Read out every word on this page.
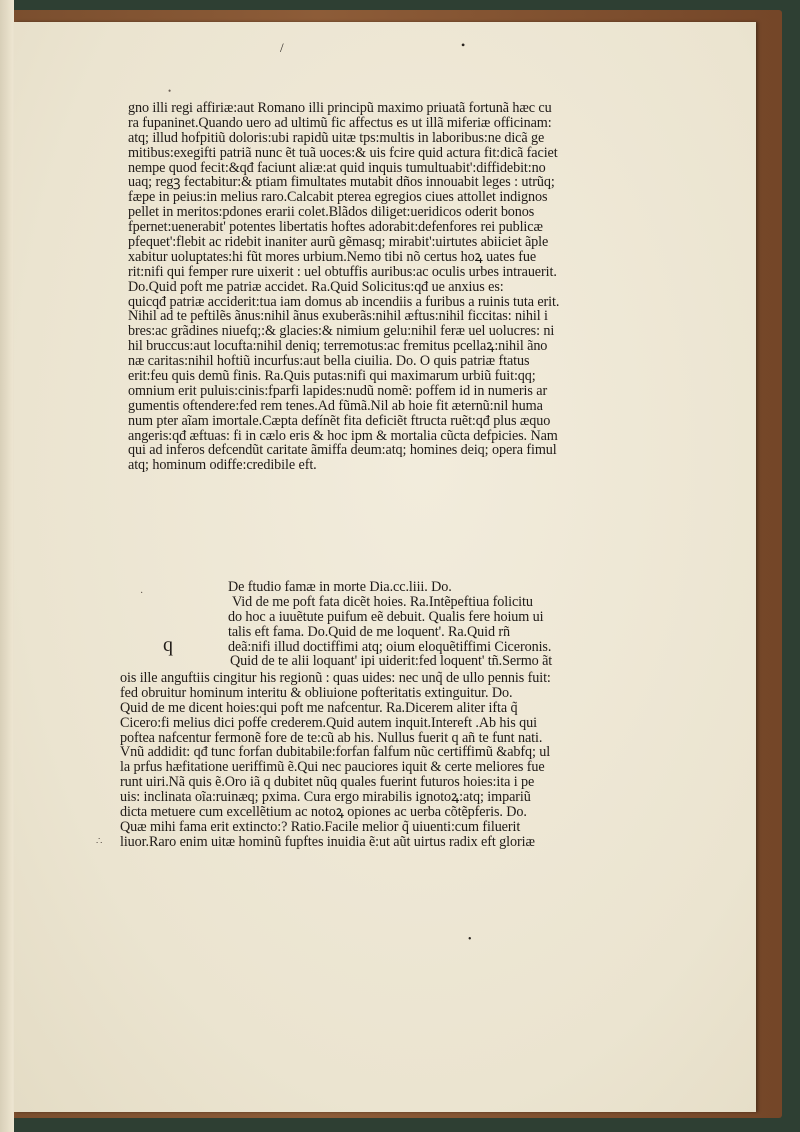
/	•
•
·
∴
•
gno illi regi affiriæ:aut Romano illi principũ maximo priuatã fortunã hæc cu
ra fupaninet.Quando uero ad ultimũ fic affectus es ut illã miferiæ officinam:
atq; illud hofpitiũ doloris:ubi rapidũ uitæ tps:multis in laboribus:ne dicã ge
mitibus:exegifti patriã nunc ẽt tuã uoces:& uis fcire quid actura fit:dicã faciet
nempe quod fecit:&qđ faciunt aliæ:at quid inquis tumultuabit':diffidebit:no
uaq; regꝫ fectabitur:& ptiam fimultates mutabit dños innouabit leges : utrũq;
fæpe in peius:in melius raro.Calcabit pterea egregios ciues attollet indignos
pellet in meritos:pdones erarii colet.Blãdos diliget:ueridicos oderit bonos
fpernet:uenerabit' potentes libertatis hoftes adorabit:defenfores rei publicæ
pfequet':flebit ac ridebit inaniter aurũ gẽmasq; mirabit':uirtutes abiiciet ãple
xabitur uoluptates:hi fũt mores urbium.Nemo tibi nõ certus hoꝝ uates fue
rit:nifi qui femper rure uixerit : uel obtuffis auribus:ac oculis urbes intrauerit.
Do.Quid poft me patriæ accidet. Ra.Quid Solicitus:qđ ue anxius es:
quicqđ patriæ acciderit:tua iam domus ab incendiis a furibus a ruinis tuta erit.
Nihil ad te peftilẽs ãnus:nihil ãnus exuberãs:nihil æftus:nihil ficcitas: nihil i
bres:ac grãdines niuefq;:& glacies:& nimium gelu:nihil feræ uel uolucres: ni
hil bruccus:aut locufta:nihil deniq; terremotus:ac fremitus pcellaꝝ:nihil ãno
næ caritas:nihil hoftiũ incurfus:aut bella ciuilia. Do. O quis patriæ ftatus
erit:feu quis demũ finis. Ra.Quis putas:nifi qui maximarum urbiũ fuit:qq;
omnium erit puluis:cinis:fparfi lapides:nudũ nomẽ: poffem id in numeris ar
gumentis oftendere:fed rem tenes.Ad fũmã.Nil ab hoie fit æternũ:nil huma
num pter aĩam imortale.Cæpta defínẽt fita deficiẽt ftructa ruẽt:qđ plus æquo
angeris:qđ æftuas: fi in cælo eris & hoc ipm & mortalia cũcta defpicies. Nam
qui ad inferos defcendũt caritate ãmiffa deum:atq; homines deiq; opera fimul
atq; hominum odiffe:credibile eft.
De ftudio famæ in morte Dia.cc.liii. Do.
Vid de me poft fata dicẽt hoies. Ra.Intẽpeftiua folicitu
do hoc a iuuẽtute puifum eẽ debuit. Qualis fere hoium ui
talis eft fama. Do.Quid de me loquent'. Ra.Quid rñ
deã:nifi illud doctiffimi atq; oium eloquẽtiffimi Ciceronis.
Quid de te alii loquant' ipi uiderit:fed loquent' tñ.Sermo ãt
q
ois ille anguftiis cingitur his regionũ : quas uides: nec unq̃ de ullo pennis fuit:
fed obruitur hominum interitu & obliuione pofteritatis extinguitur. Do.
Quid de me dicent hoies:qui poft me nafcentur. Ra.Dicerem aliter ifta q̃
Cicero:fi melius dici poffe crederem.Quid autem inquit.Intereft .Ab his qui
poftea nafcentur fermonẽ fore de te:cũ ab his. Nullus fuerit q añ te funt nati.
Vnũ addidit: qđ tunc forfan dubitabile:forfan falfum nũc certiffimũ &abfq; ul
la prfus hæfitatione ueriffimũ ẽ.Qui nec pauciores iquit & certe meliores fue
runt uiri.Nã quis ẽ.Oro iã q dubitet nũq quales fuerint futuros hoies:ita i pe
uis: inclinata oĩa:ruinæq; pxima. Cura ergo mirabilis ignotoꝝ:atq; impariũ
dicta metuere cum excellẽtium ac notoꝝ opiones ac uerba cõtẽpferis. Do.
Quæ mihi fama erit extincto:? Ratio.Facile melior q̃ uiuenti:cum filuerit
liuor.Raro enim uitæ hominũ fupftes inuidia ẽ:ut aũt uirtus radix eft gloriæ
